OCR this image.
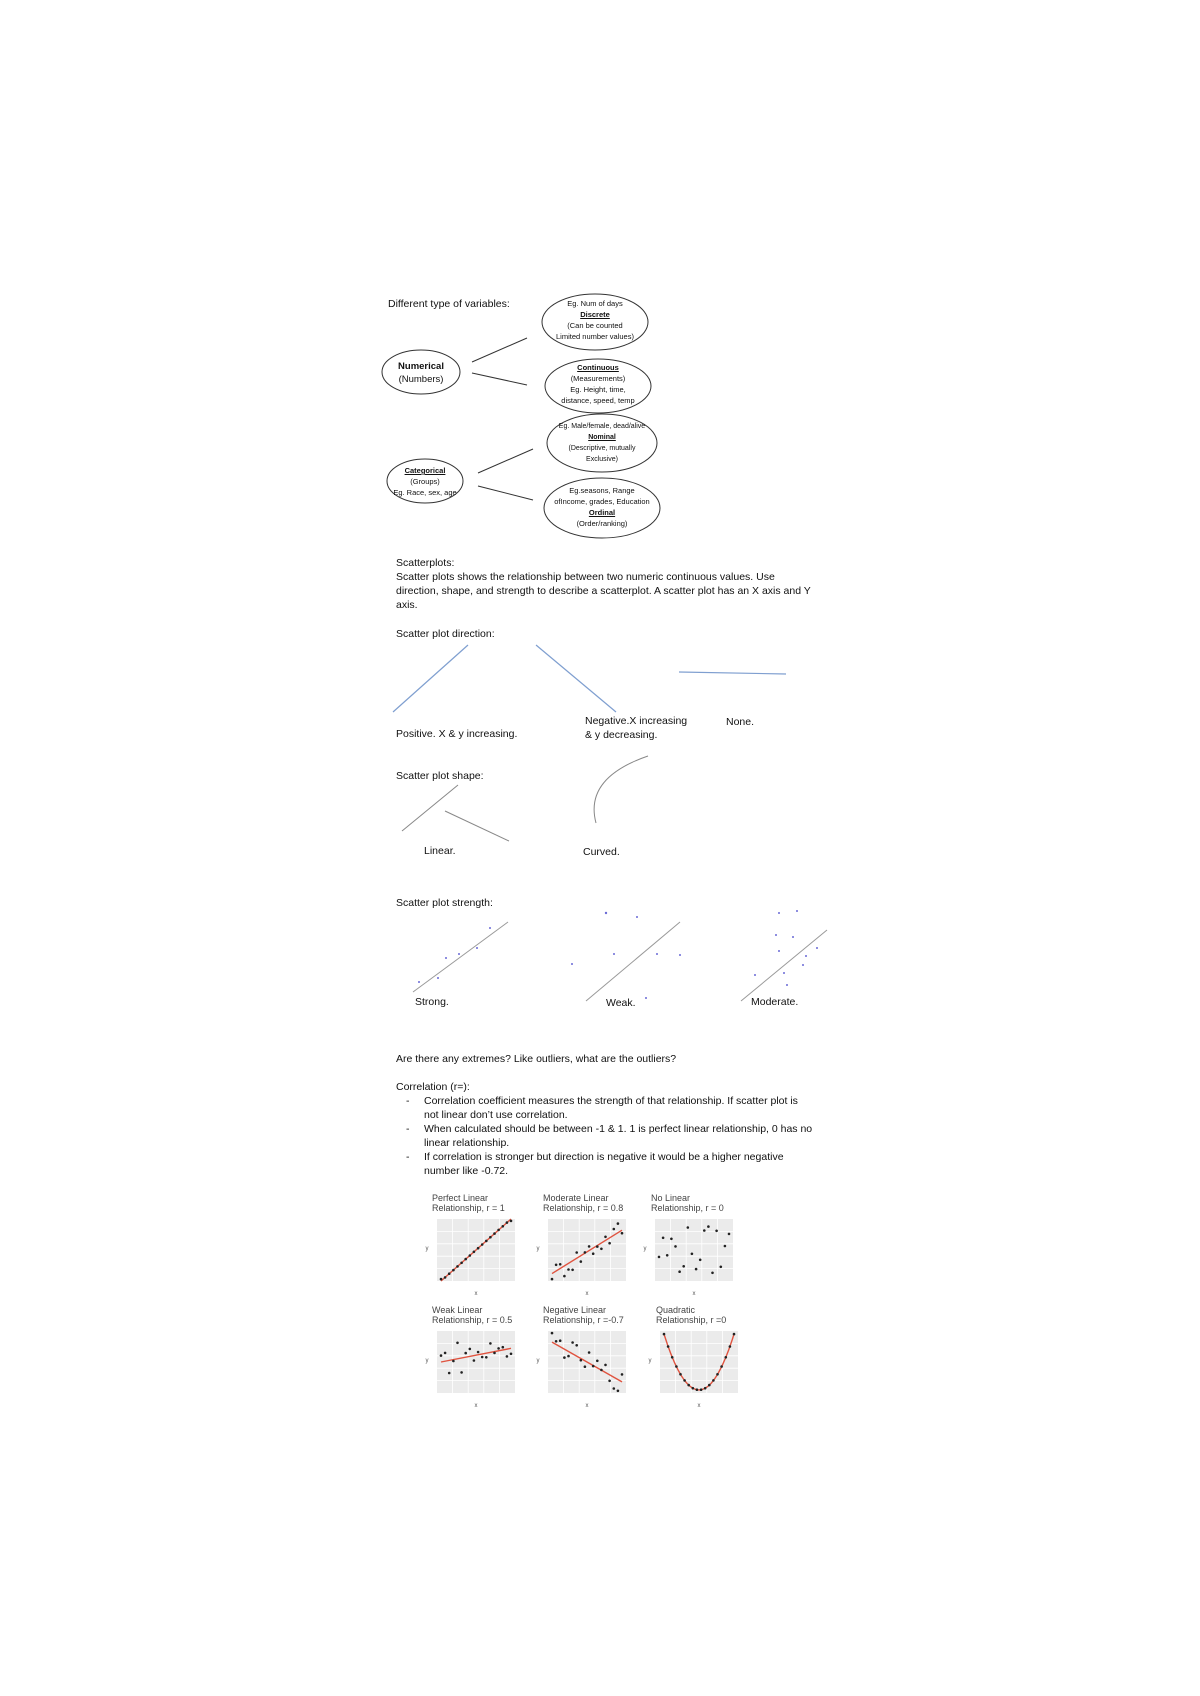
Different type of variables:
Numerical
(Numbers)
Eg. Num of days
Discrete
(Can be counted
Limited number values)
Continuous
(Measurements)
Eg. Height, time,
distance, speed, temp
Categorical
(Groups)
Eg. Race, sex, age
Eg. Male/female, dead/alive
Nominal
(Descriptive, mutually
Exclusive)
Eg.seasons, Range
ofIncome, grades, Education
Ordinal
(Order/ranking)
Scatterplots:
Scatter plots shows the relationship between two numeric continuous values. Use direction, shape, and strength to describe a scatterplot. A scatter plot has an X axis and Y axis.
Scatter plot direction:
Positive. X & y increasing.
Negative.X increasing
& y decreasing.
None.
Scatter plot shape:
Linear.	Curved.
Scatter plot strength:
Strong.	Weak.	Moderate.
Are there any extremes? Like outliers, what are the outliers?
Correlation (r=):
- Correlation coefficient measures the strength of that relationship. If scatter plot is not linear don’t use correlation.
- When calculated should be between -1 & 1. 1 is perfect linear relationship, 0 has no linear relationship.
- If correlation is stronger but direction is negative it would be a higher negative number like -0.72.
Perfect Linear
Relationship, r = 1
Moderate Linear
Relationship, r = 0.8
No Linear
Relationship, r = 0
Weak Linear
Relationship, r = 0.5
Negative Linear
Relationship, r =-0.7
Quadratic
Relationship, r =0
x
y
x
y
x
y
x
y
x
y
x
y
